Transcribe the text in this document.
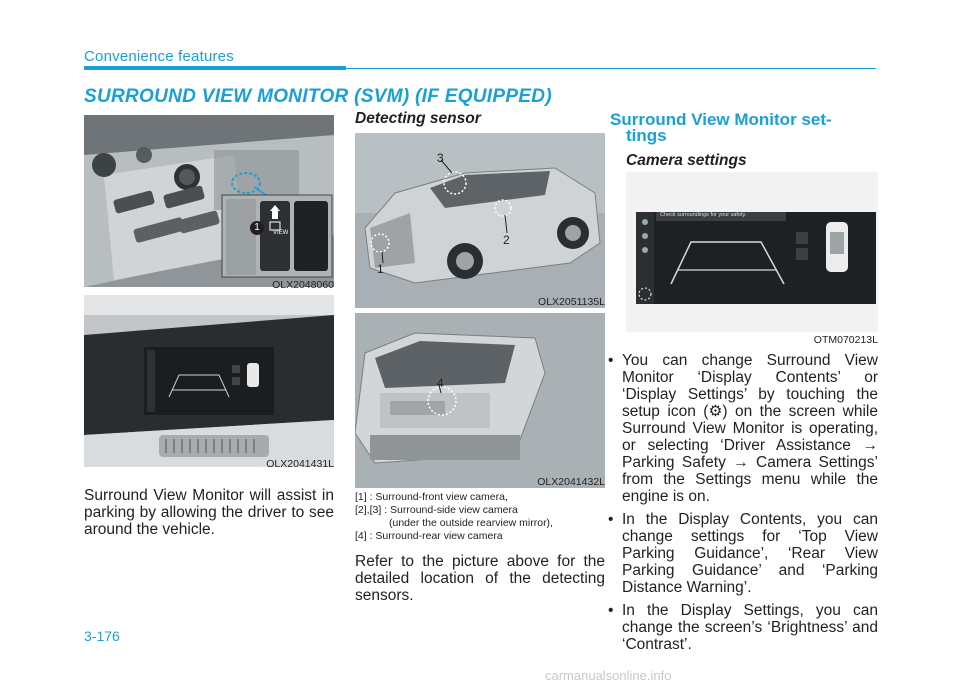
Convenience features
SURROUND VIEW MONITOR (SVM) (IF EQUIPPED)
1	VIEW
OLX2048060
OLX2041431L
Surround View Monitor will assist in parking by allowing the driver to see around the vehicle.
Detecting sensor
3
2
1
OLX2051135L
4
OLX2041432L
[1] : Surround-front view camera,
[2],[3] : Surround-side view camera
(under the outside rearview mirror),
[4] : Surround-rear view camera
Refer to the picture above for the detailed location of the detecting sensors.
Surround View Monitor set-
tings
Camera settings
Check surroundings for your safety.
OTM070213L
• You can change Surround View Monitor ‘Display Contents’ or ‘Display Settings’ by touching the setup icon (⚙) on the screen while Surround View Monitor is operating, or selecting ‘Driver Assistance → Parking Safety → Camera Settings’ from the Settings menu while the engine is on.
• In the Display Contents, you can change settings for ‘Top View Parking Guidance’, ‘Rear View Parking Guidance’ and ‘Parking Distance Warning’.
• In the Display Settings, you can change the screen’s ‘Brightness’ and ‘Contrast’.
3-176
carmanualsonline.info
